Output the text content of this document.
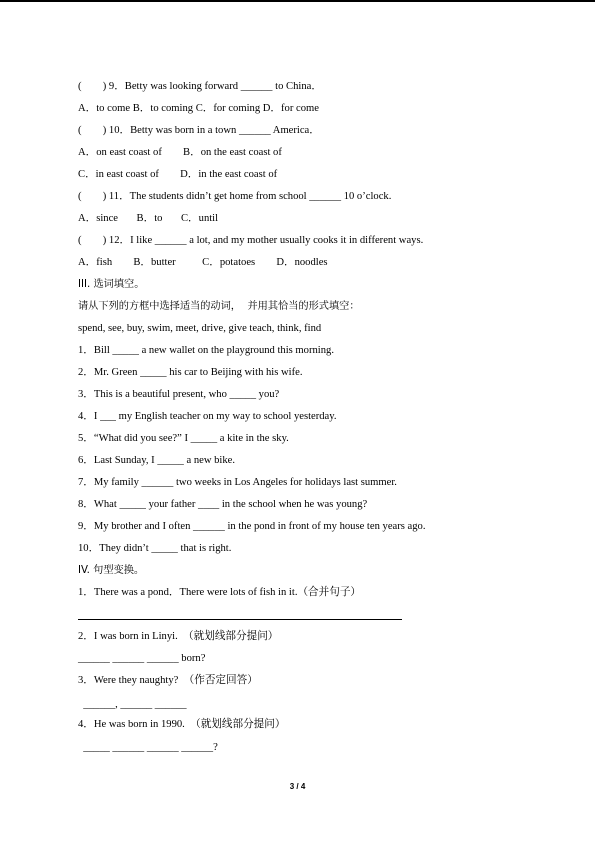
(        ) 9．Betty was looking forward ______ to China．
A．to come B．to coming C．for coming D．for come
(        ) 10．Betty was born in a town ______ America．
A．on east coast of        B．on the east coast of
C．in east coast of        D．in the east coast of
(        ) 11．The students didn’t get home from school ______ 10 o’clock.
A．since       B．to       C．until
(        ) 12．I like ______ a lot, and my mother usually cooks it in different ways.
A．fish        B．butter          C．potatoes        D．noodles
III. 选词填空。
请从下列的方框中选择适当的动词，  并用其恰当的形式填空：
spend, see, buy, swim, meet, drive, give teach, think, find
1．Bill _____ a new wallet on the playground this morning.
2．Mr. Green _____ his car to Beijing with his wife.
3．This is a beautiful present, who _____ you?
4．I ___ my English teacher on my way to school yesterday.
5．“What did you see?” I _____ a kite in the sky.
6．Last Sunday, I _____ a new bike.
7．My family ______ two weeks in Los Angeles for holidays last summer.
8．What _____ your father ____ in the school when he was young?
9．My brother and I often ______ in the pond in front of my house ten years ago.
10．They didn’t _____ that is right.
IV. 句型变换。
1．There was a pond．There were lots of fish in it.（合并句子）
2．I was born in Linyi.  （就划线部分提问）
______ ______ ______ born?
3．Were they naughty?  （作否定回答）
______, ______ ______
4．He was born in 1990.  （就划线部分提问）
_____ ______ ______ ______?
3 / 4
